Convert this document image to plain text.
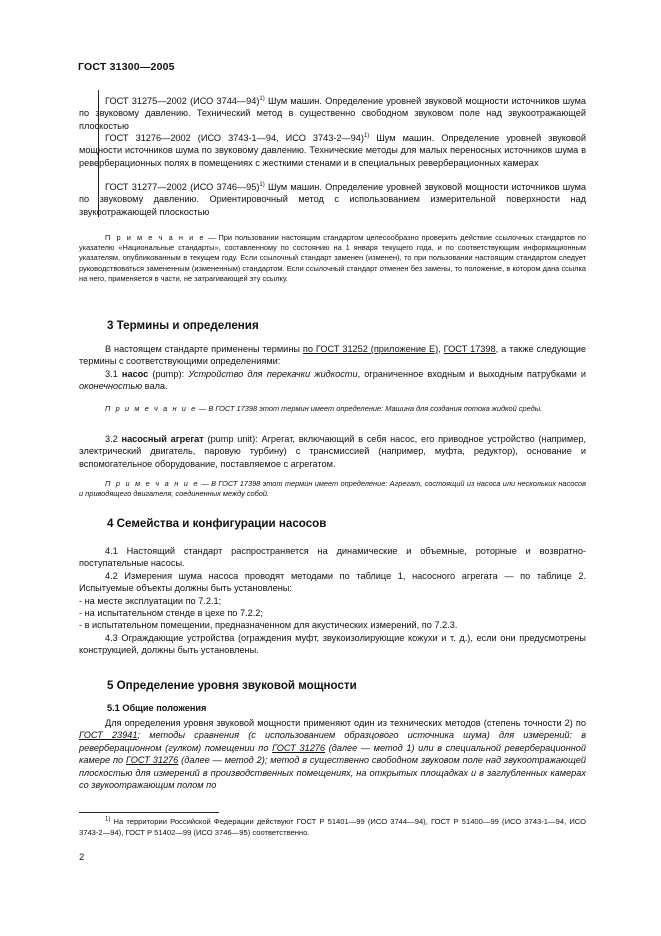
ГОСТ 31300—2005

ГОСТ 31275—2002 (ИСО 3744—94)$^{1)}$ Шум машин. Определение уровней звуковой мощности источников шума по звуковому давлению. Технический метод в существенно свободном звуковом поле над звукоотражающей плоскостью

ГОСТ 31276—2002 (ИСО 3743-1—94, ИСО 3743-2—94)$^{1)}$ Шум машин. Определение уровней звуковой мощности источников шума по звуковому давлению. Технические методы для малых переносных источников шума в реверберационных полях в помещениях с жесткими стенами и в специальных реверберационных камерах

ГОСТ 31277—2002 (ИСО 3746—95)$^{1)}$ Шум машин. Определение уровней звуковой мощности источников шума по звуковому давлению. Ориентировочный метод с использованием измерительной поверхности над звукоотражающей плоскостью

П р и м е ч а н и е — При пользовании настоящим стандартом целесообразно проверить действие ссылочных стандартов по указателю «Национальные стандарты», составленному по состоянию на 1 января текущего года, и по соответствующим информационным указателям, опубликованным в текущем году. Если ссылочный стандарт заменен (изменен), то при пользовании настоящим стандартом следует руководствоваться замененным (измененным) стандартом. Если ссылочный стандарт отменен без замены, то положение, в котором дана ссылка на него, применяется в части, не затрагивающей эту ссылку.

3 Термины и определения

В настоящем стандарте применены термины по ГОСТ 31252 (приложение Е), ГОСТ 17398, а также следующие термины с соответствующими определениями:

3.1 насос (pump): Устройство для перекачки жидкости, ограниченное входным и выходным патрубками и оконечностью вала.

П р и м е ч а н и е — В ГОСТ 17398 этот термин имеет определение: Машина для создания потока жидкой среды.

3.2 насосный агрегат (pump unit): Агрегат, включающий в себя насос, его приводное устройство (например, электрический двигатель, паровую турбину) с трансмиссией (например, муфта, редуктор), основание и вспомогательное оборудование, поставляемое с агрегатом.

П р и м е ч а н и е — В ГОСТ 17398 этот термин имеет определение: Агрегат, состоящий из насоса или нескольких насосов и приводящего двигателя, соединенных между собой.

4 Семейства и конфигурации насосов

4.1 Настоящий стандарт распространяется на динамические и объемные, роторные и возвратно-поступательные насосы.

4.2 Измерения шума насоса проводят методами по таблице 1, насосного агрегата — по таблице 2. Испытуемые объекты должны быть установлены:

- на месте эксплуатации по 7.2.1;

- на испытательном стенде в цехе по 7.2.2;

- в испытательном помещении, предназначенном для акустических измерений, по 7.2.3.

4.3 Ограждающие устройства (ограждения муфт, звукоизолирующие кожухи и т. д.), если они предусмотрены конструкцией, должны быть установлены.

5 Определение уровня звуковой мощности
5.1 Общие положения

Для определения уровня звуковой мощности применяют один из технических методов (степень точности 2) по ГОСТ 23941; методы сравнения (с использованием образцового источника шума) для измерений: в реверберационном (гулком) помещении по ГОСТ 31276 (далее — метод 1) или в специальной реверберационной камере по ГОСТ 31276 (далее — метод 2); метод в существенно свободном звуковом поле над звукоотражающей плоскостью для измерений в производственных помещениях, на открытых площадках и в заглубленных камерах со звукоотражающим полом по

$^{1)}$ На территории Российской Федерации действуют ГОСТ Р 51401—99 (ИСО 3744—94), ГОСТ Р 51400—99 (ИСО 3743-1—94, ИСО 3743-2—94), ГОСТ Р 51402—99 (ИСО 3746—95) соответственно.

2
